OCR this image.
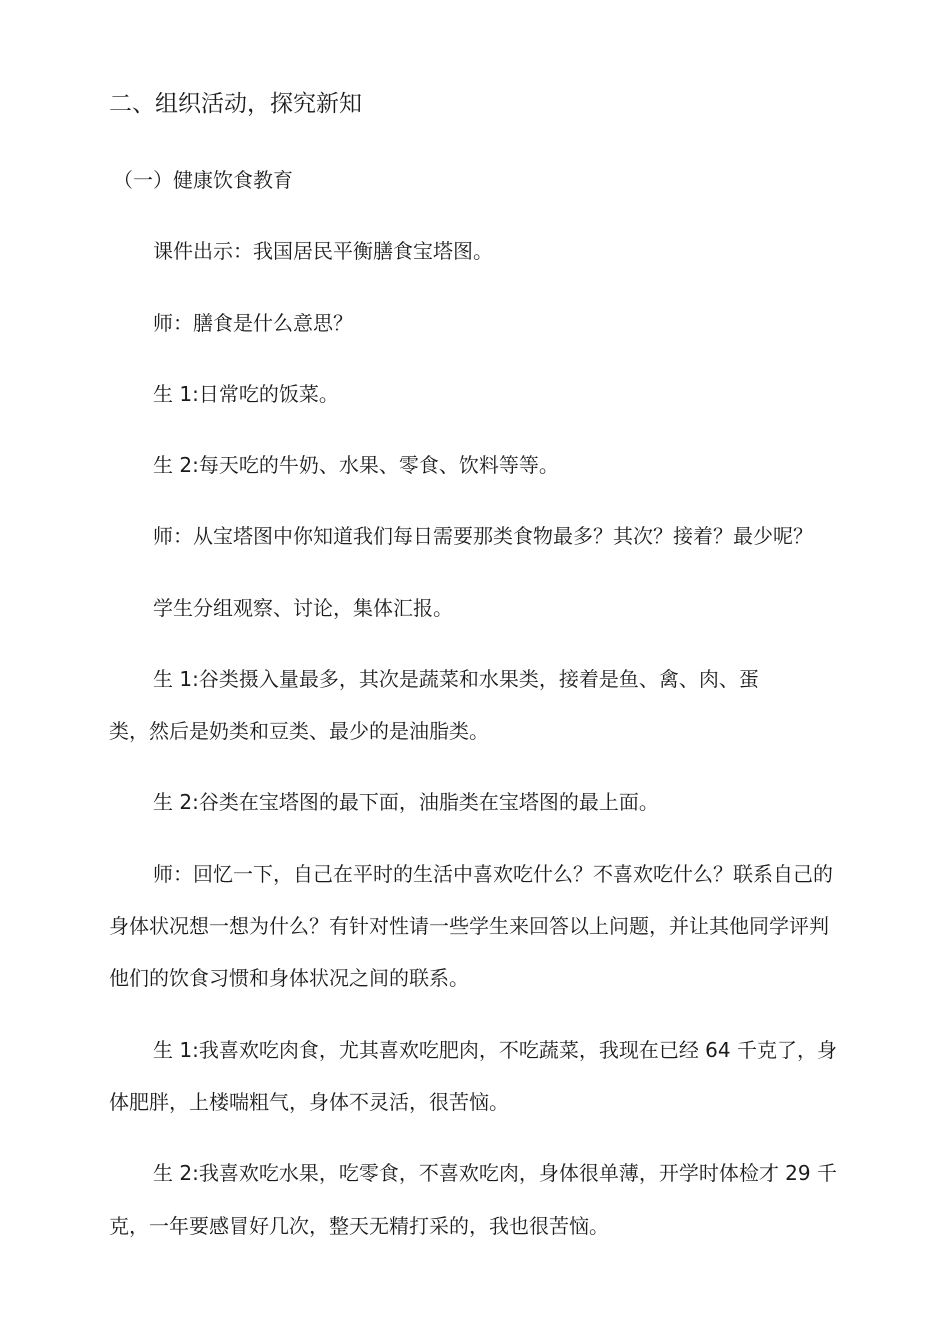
二、组织活动，探究新知
（一）健康饮食教育
课件出示：我国居民平衡膳食宝塔图。
师：膳食是什么意思？
生 1:日常吃的饭菜。
生 2:每天吃的牛奶、水果、零食、饮料等等。
师：从宝塔图中你知道我们每日需要那类食物最多？其次？接着？最少呢？
学生分组观察、讨论，集体汇报。
生 1:谷类摄入量最多，其次是蔬菜和水果类，接着是鱼、禽、肉、蛋
类，然后是奶类和豆类、最少的是油脂类。
生 2:谷类在宝塔图的最下面，油脂类在宝塔图的最上面。
师：回忆一下，自己在平时的生活中喜欢吃什么？不喜欢吃什么？联系自己的
身体状况想一想为什么？有针对性请一些学生来回答以上问题，并让其他同学评判
他们的饮食习惯和身体状况之间的联系。
生 1:我喜欢吃肉食，尤其喜欢吃肥肉，不吃蔬菜，我现在已经 64 千克了，身
体肥胖，上楼喘粗气，身体不灵活，很苦恼。
生 2:我喜欢吃水果，吃零食，不喜欢吃肉，身体很单薄，开学时体检才 29 千
克，一年要感冒好几次，整天无精打采的，我也很苦恼。
